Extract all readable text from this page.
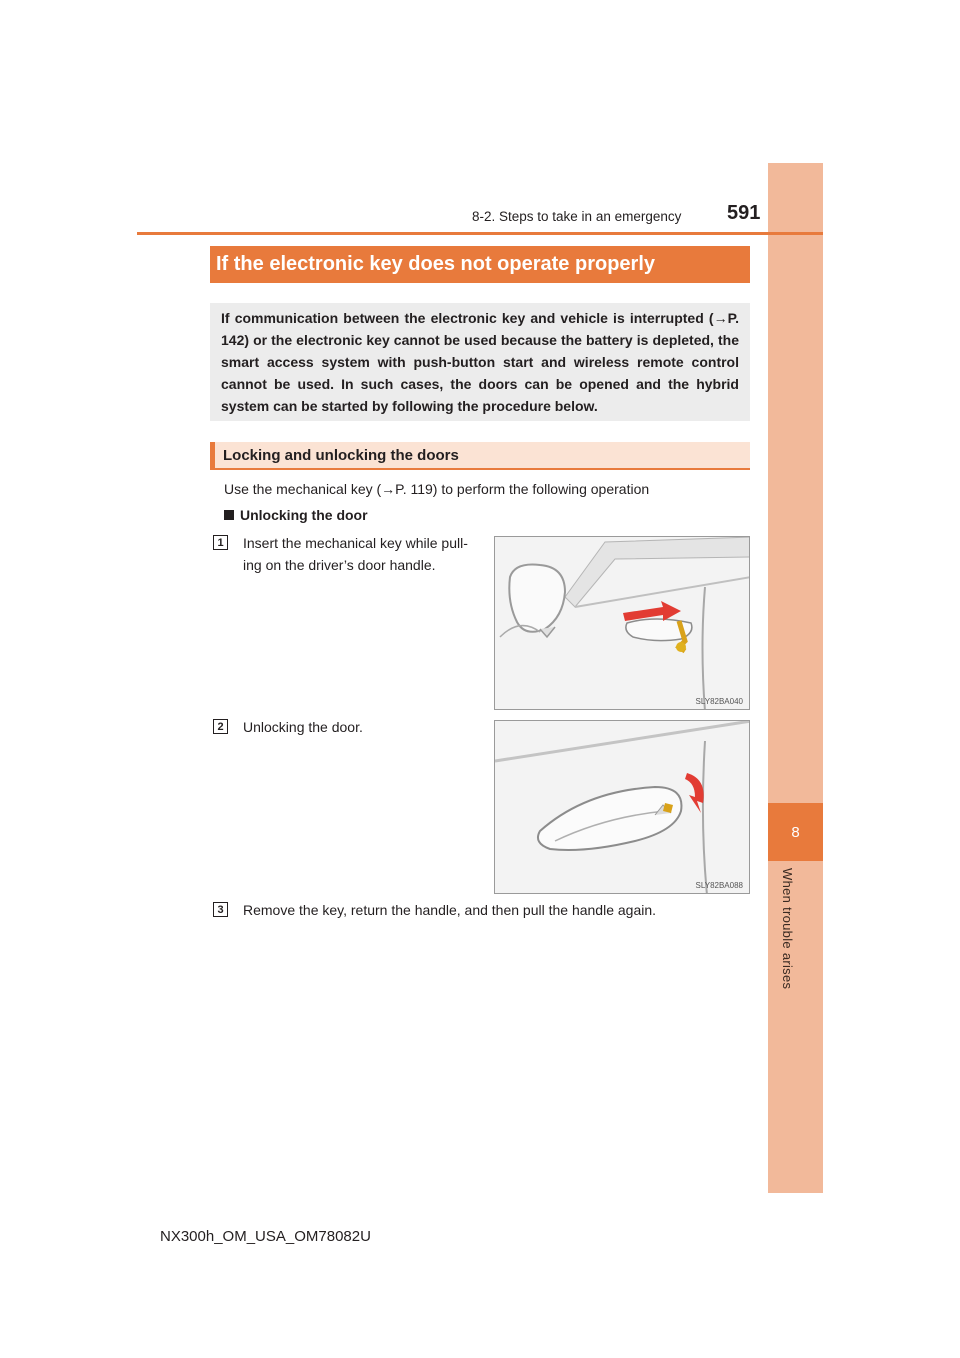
8
When trouble arises
8-2. Steps to take in an emergency 591
If the electronic key does not operate properly
If communication between the electronic key and vehicle is interrupted (→P. 142) or the electronic key cannot be used because the battery is depleted, the smart access system with push-button start and wireless remote control cannot be used. In such cases, the doors can be opened and the hybrid system can be started by following the procedure below.
Locking and unlocking the doors
Use the mechanical key (→P. 119) to perform the following operation
Unlocking the door
1	Insert the mechanical key while pull-
ing on the driver’s door handle.
SLY82BA040
2	Unlocking the door.
SLY82BA088
3	Remove the key, return the handle, and then pull the handle again.
NX300h_OM_USA_OM78082U
